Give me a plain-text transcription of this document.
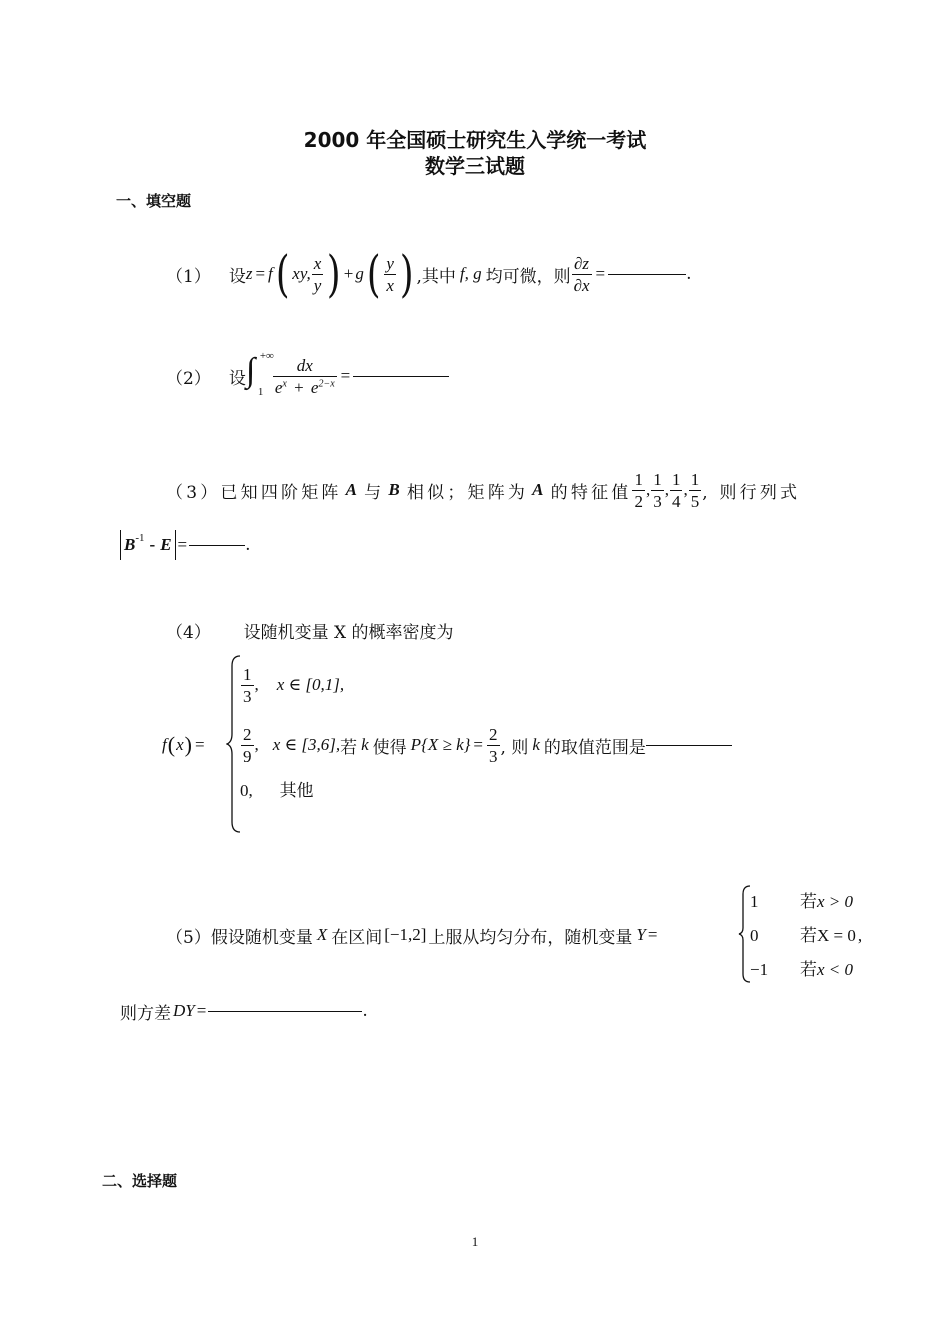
2000 年全国硕士研究生入学统一考试
数学三试题
一、填空题
（1） 设 z = f ( xy, $\frac{x}{y}$ ) + g ( $\frac{y}{x}$ ) ,其中 f, g 均可微，则 $\frac{\partial z}{\partial x}$ =	.
（2） 设 ∫ +∞
$1 \frac{dx}{e^x + e^{2-x}}$ =
（3）已知四阶矩阵 A 与 B 相似；矩阵为 A 的特征值 $\frac{1}{2}$ , $\frac{1}{3}$ , $\frac{1}{4}$ , $\frac{1}{5}$ , 则行列式
$B^{-1}$ - E =	.
（4） 设随机变量 X 的概率密度为
f ( x ) =
$\frac{1}{3}$ , x ∈ [0,1],
$\frac{2}{9}$ , x ∈ [3,6], 若 k 使得 P $\{X \ge k\} = \frac{2}{3}$ , 则 k 的取值范围是
0, 其他
（5） 假设随机变量 X 在区间 [−1,2] 上服从均匀分布，随机变量 Y =
1 若x > 0
0 若X = 0 ,
−1 若x < 0
则方差 DY =	.
二、选择题
1
